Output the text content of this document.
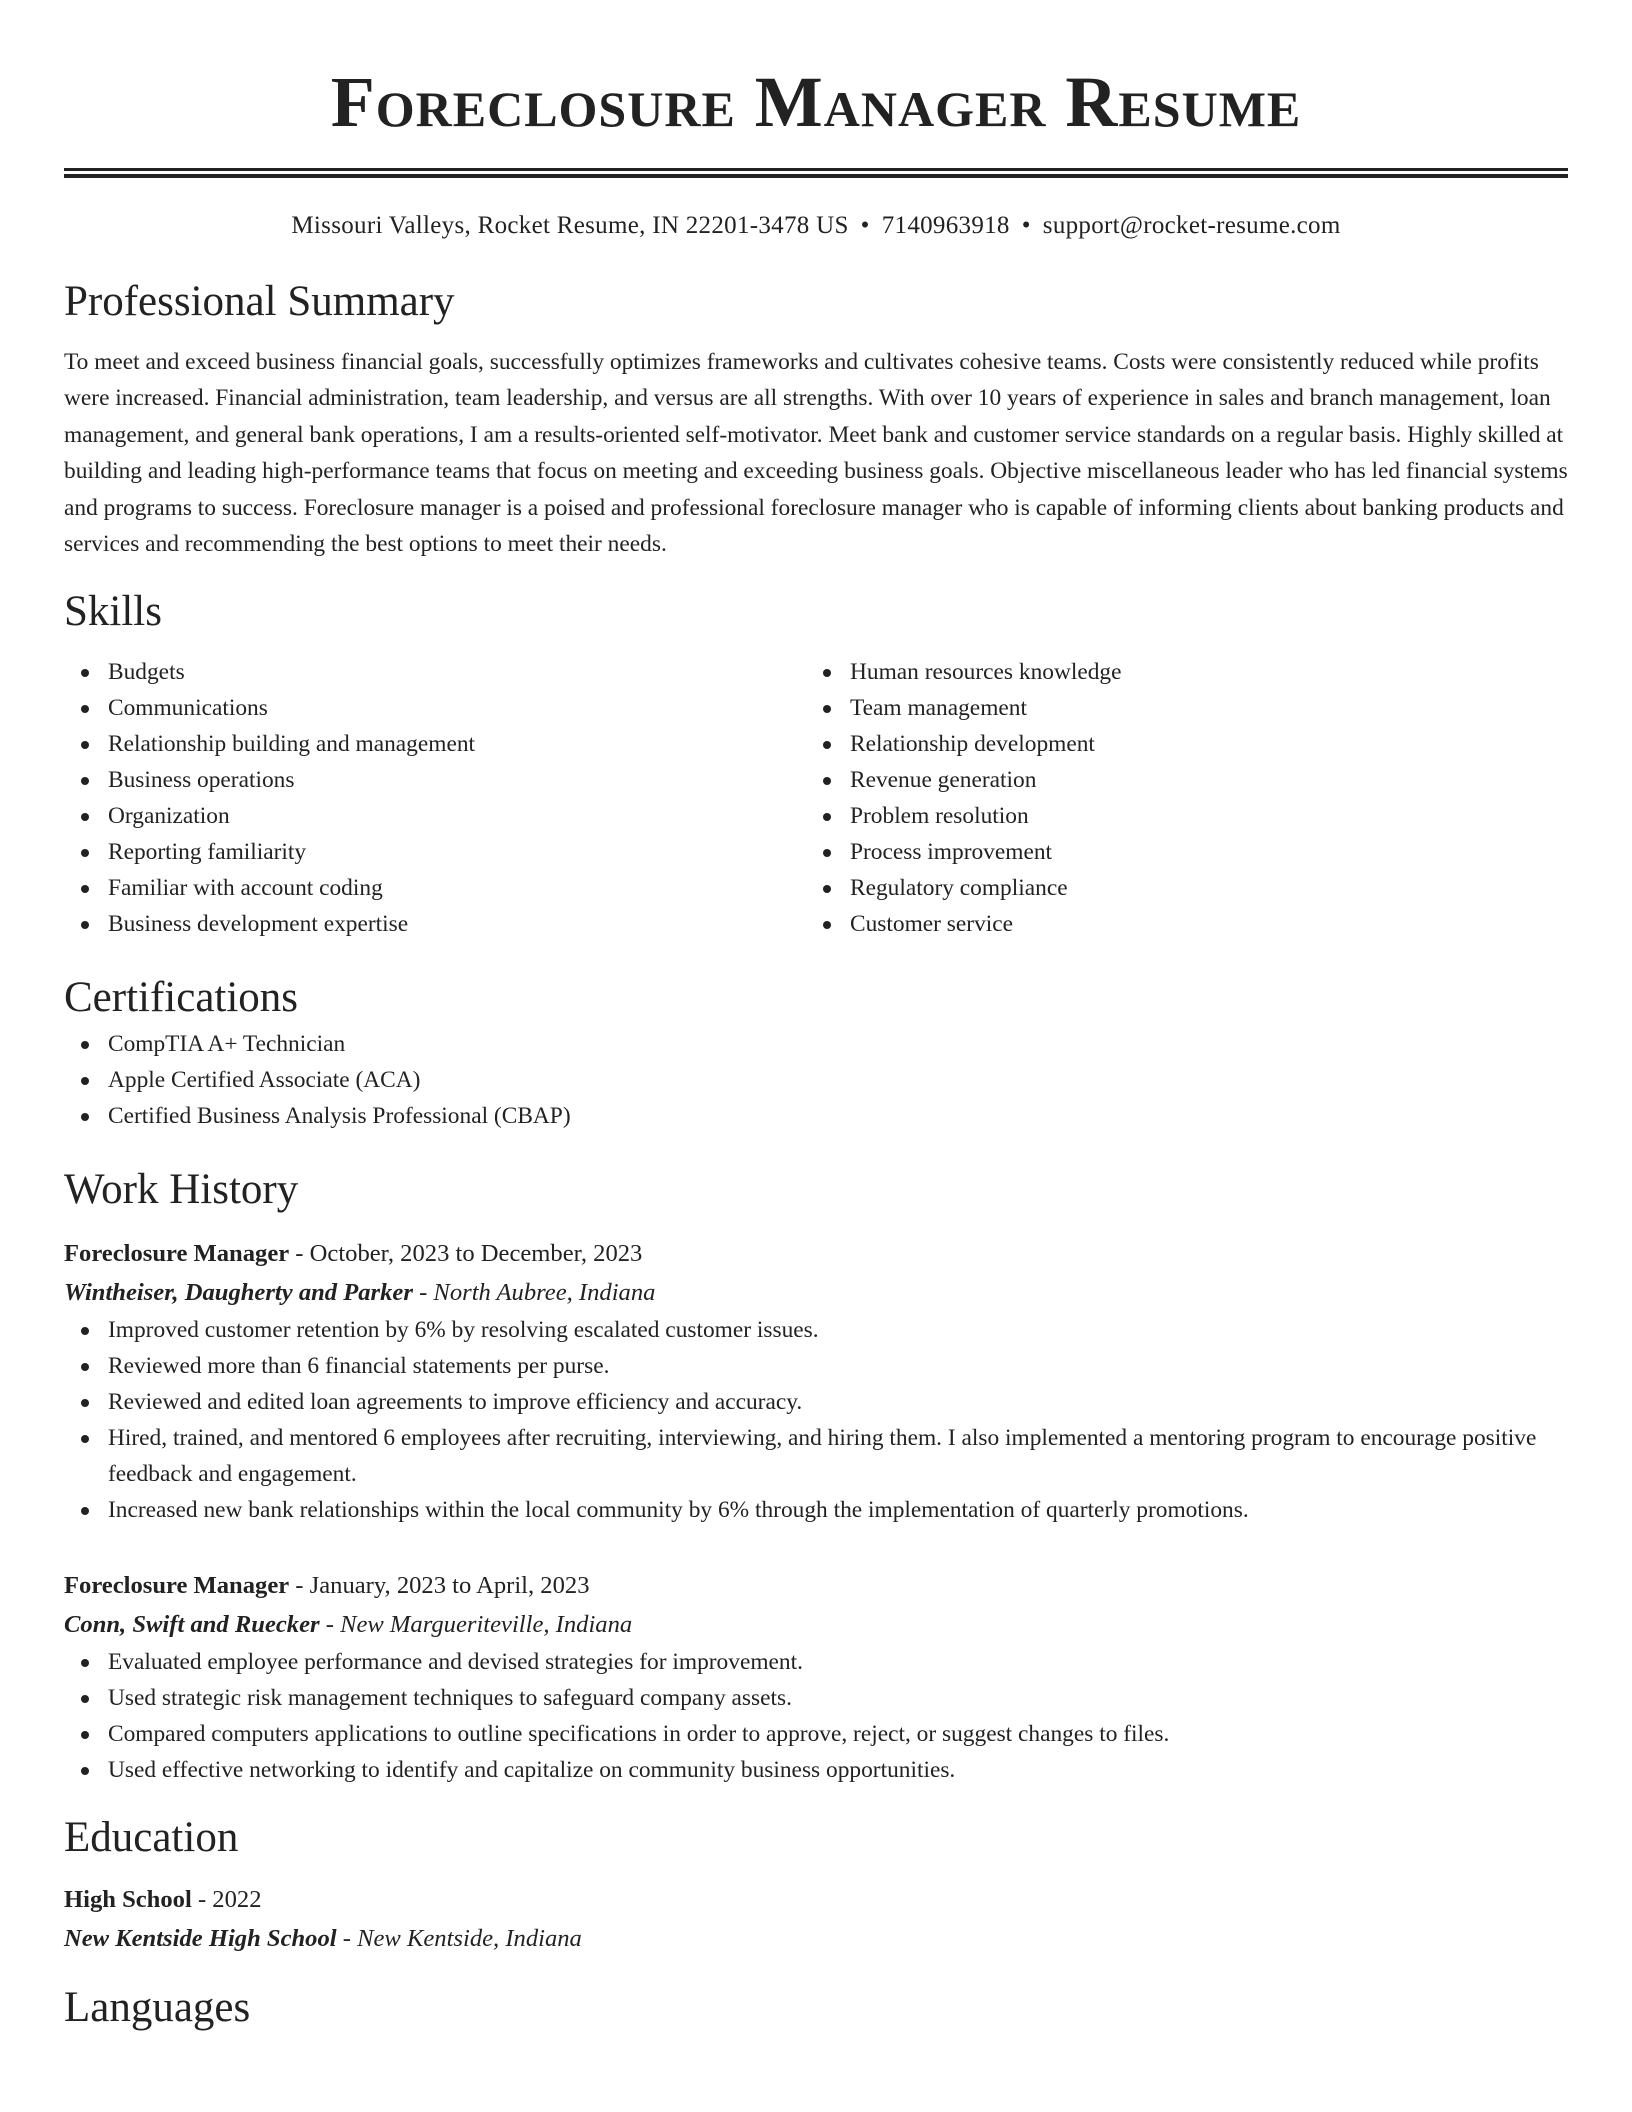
Foreclosure Manager Resume
Missouri Valleys, Rocket Resume, IN 22201-3478 US • 7140963918 • support@rocket-resume.com
Professional Summary

To meet and exceed business financial goals, successfully optimizes frameworks and cultivates cohesive teams. Costs were consistently reduced while profits were increased. Financial administration, team leadership, and versus are all strengths. With over 10 years of experience in sales and branch management, loan management, and general bank operations, I am a results-oriented self-motivator. Meet bank and customer service standards on a regular basis. Highly skilled at building and leading high-performance teams that focus on meeting and exceeding business goals. Objective miscellaneous leader who has led financial systems and programs to success. Foreclosure manager is a poised and professional foreclosure manager who is capable of informing clients about banking products and services and recommending the best options to meet their needs.

Skills
Budgets
Communications
Relationship building and management
Business operations
Organization
Reporting familiarity
Familiar with account coding
Business development expertise
Human resources knowledge
Team management
Relationship development
Revenue generation
Problem resolution
Process improvement
Regulatory compliance
Customer service
Certifications
CompTIA A+ Technician
Apple Certified Associate (ACA)
Certified Business Analysis Professional (CBAP)
Work History
Foreclosure Manager - October, 2023 to December, 2023
Wintheiser, Daugherty and Parker - North Aubree, Indiana
Improved customer retention by 6% by resolving escalated customer issues.
Reviewed more than 6 financial statements per purse.
Reviewed and edited loan agreements to improve efficiency and accuracy.
Hired, trained, and mentored 6 employees after recruiting, interviewing, and hiring them. I also implemented a mentoring program to encourage positive feedback and engagement.
Increased new bank relationships within the local community by 6% through the implementation of quarterly promotions.
Foreclosure Manager - January, 2023 to April, 2023
Conn, Swift and Ruecker - New Margueriteville, Indiana
Evaluated employee performance and devised strategies for improvement.
Used strategic risk management techniques to safeguard company assets.
Compared computers applications to outline specifications in order to approve, reject, or suggest changes to files.
Used effective networking to identify and capitalize on community business opportunities.
Education
High School - 2022
New Kentside High School - New Kentside, Indiana
Languages
